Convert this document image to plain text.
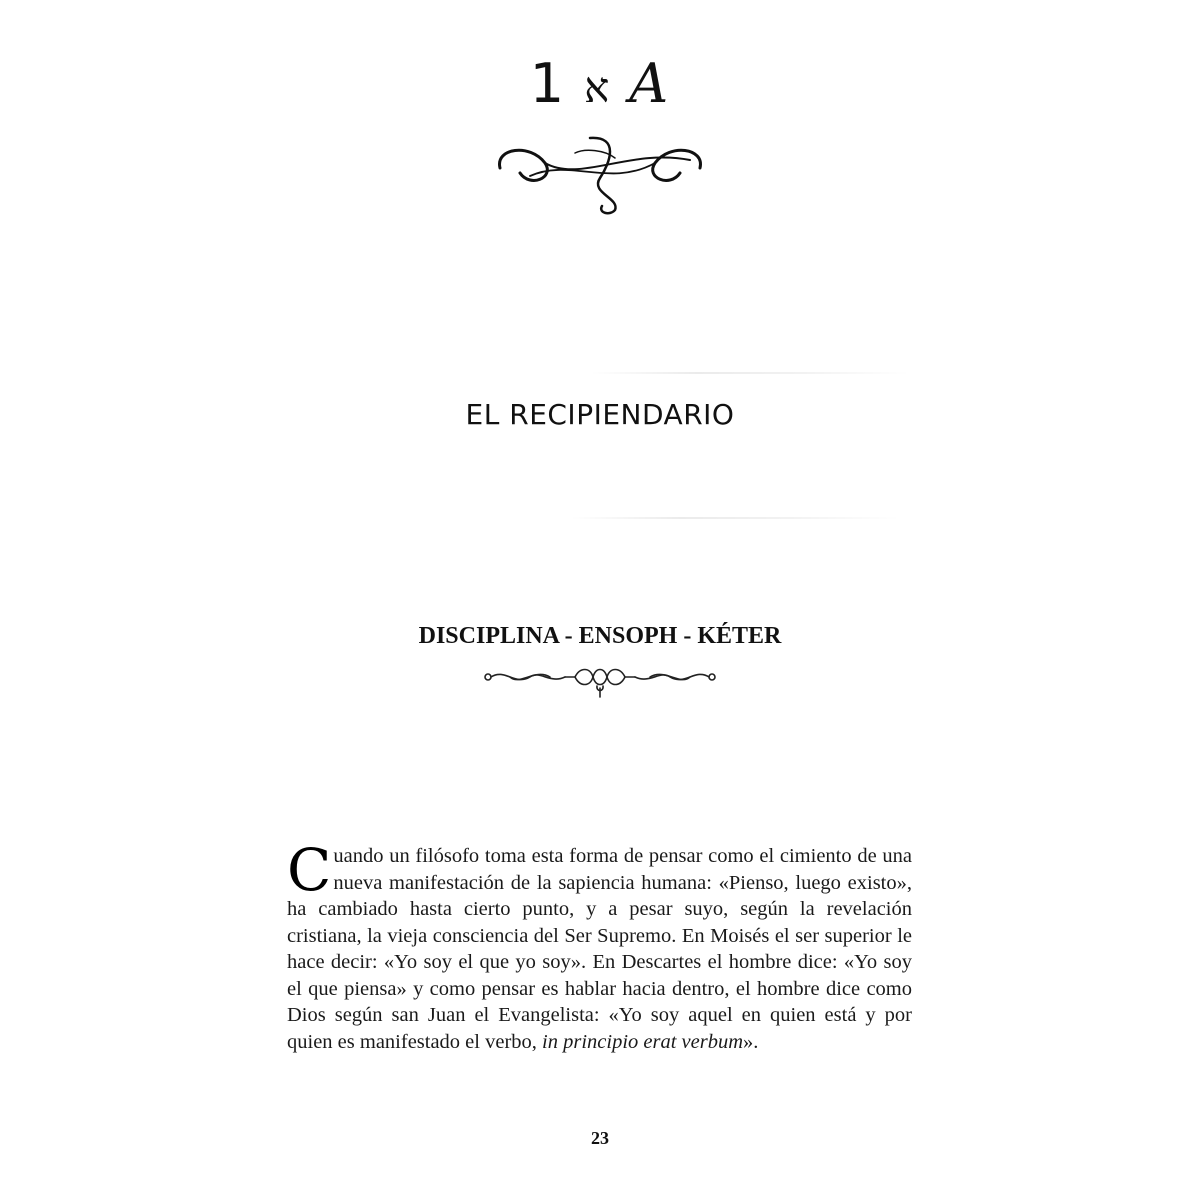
1 א A
EL RECIPIENDARIO
DISCIPLINA - ENSOPH - KÉTER

Cuando un filósofo toma esta forma de pensar como el cimiento de una nueva manifestación de la sapiencia humana: «Pienso, luego existo», ha cambiado hasta cierto punto, y a pesar suyo, según la revelación cristiana, la vieja consciencia del Ser Supremo. En Moisés el ser superior le hace decir: «Yo soy el que yo soy». En Descartes el hombre dice: «Yo soy el que piensa» y como pensar es hablar hacia dentro, el hombre dice como Dios según san Juan el Evangelista: «Yo soy aquel en quien está y por quien es manifestado el verbo, in principio erat verbum».

23
